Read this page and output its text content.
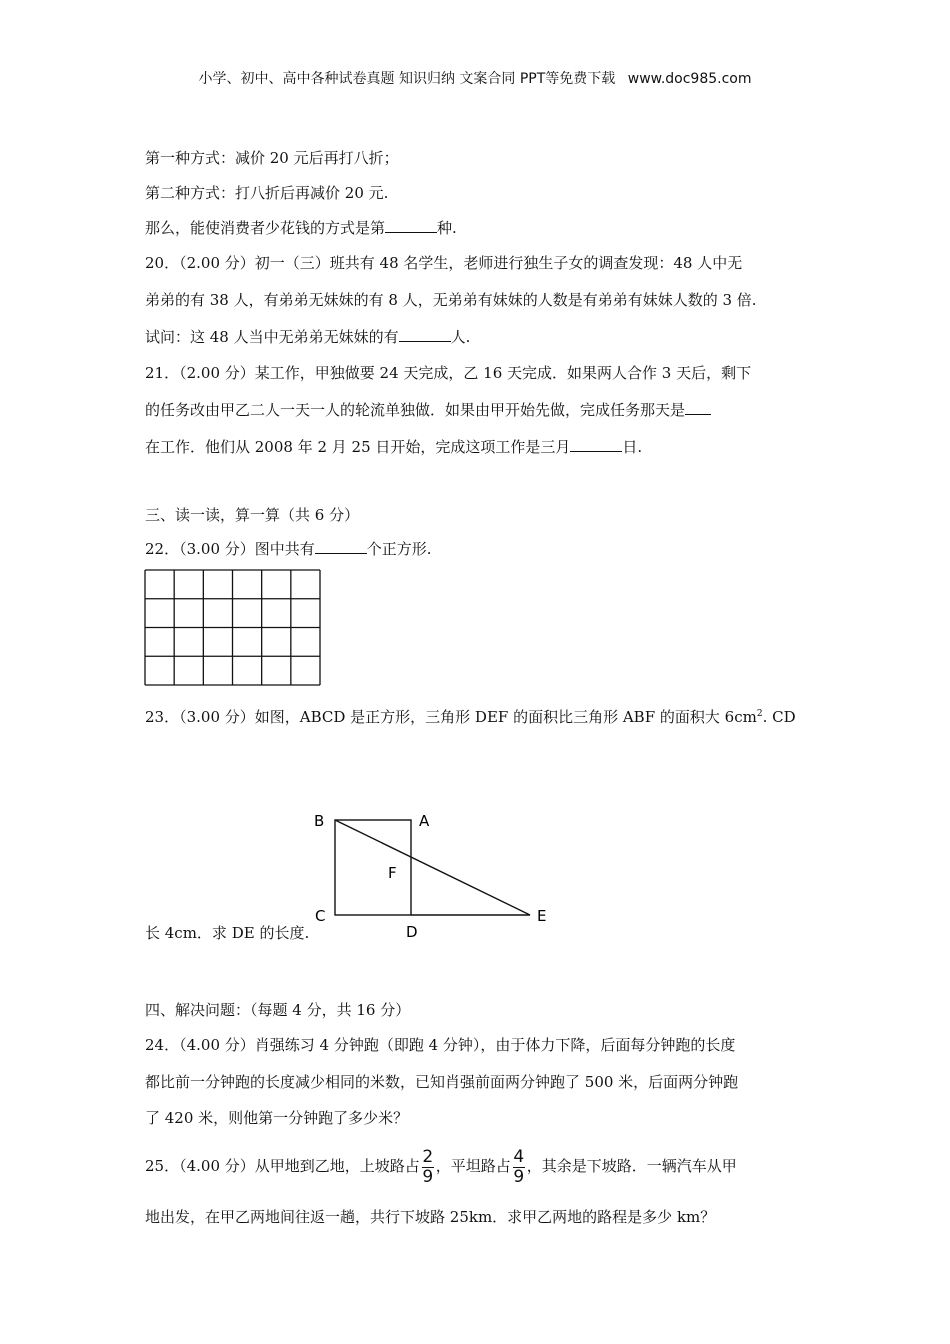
小学、初中、高中各种试卷真题 知识归纳 文案合同 PPT等免费下载 www.doc985.com
第一种方式：减价 20 元后再打八折；
第二种方式：打八折后再减价 20 元.
那么，能使消费者少花钱的方式是第	种.
20．（2.00 分）初一（三）班共有 48 名学生，老师进行独生子女的调查发现：48 人中无
弟弟的有 38 人，有弟弟无妹妹的有 8 人，无弟弟有妹妹的人数是有弟弟有妹妹人数的 3 倍.
试问：这 48 人当中无弟弟无妹妹的有	人.
21．（2.00 分）某工作，甲独做要 24 天完成，乙 16 天完成．如果两人合作 3 天后，剩下
的任务改由甲乙二人一天一人的轮流单独做．如果由甲开始先做，完成任务那天是
在工作．他们从 2008 年 2 月 25 日开始，完成这项工作是三月	日.
三、读一读，算一算（共 6 分）
22．（3.00 分）图中共有	个正方形.
23．（3.00 分）如图，ABCD 是正方形，三角形 DEF 的面积比三角形 ABF 的面积大 $6cm^2$. CD
B	A
F
C
D
E
长 4cm．求 DE 的长度.
四、解决问题：（每题 4 分，共 16 分）
24．（4.00 分）肖强练习 4 分钟跑（即跑 4 分钟），由于体力下降，后面每分钟跑的长度
都比前一分钟跑的长度减少相同的米数，已知肖强前面两分钟跑了 500 米，后面两分钟跑
了 420 米，则他第一分钟跑了多少米？
25．（4.00 分）从甲地到乙地，上坡路占 $\frac{2}{9}$ ，平坦路占 $\frac{4}{9}$ ，其余是下坡路．一辆汽车从甲
地出发，在甲乙两地间往返一趟，共行下坡路 25km．求甲乙两地的路程是多少 km？
